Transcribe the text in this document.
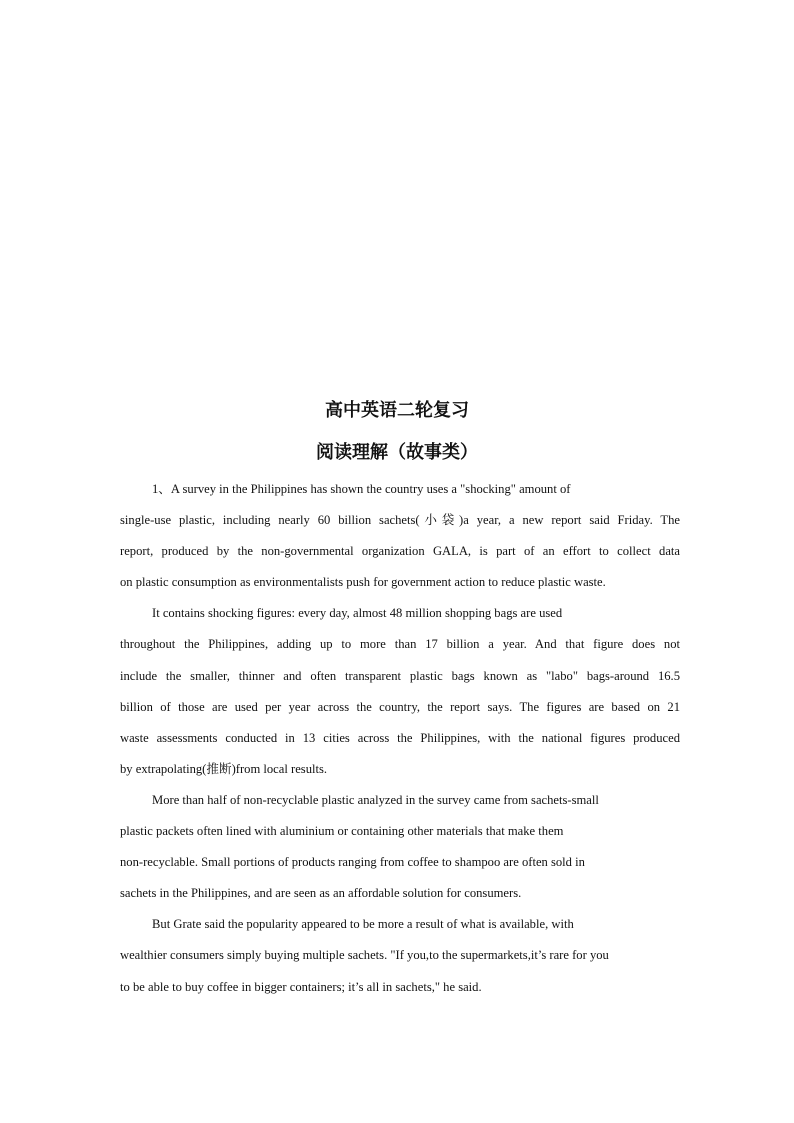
高中英语二轮复习
阅读理解（故事类）

1、A survey in the Philippines has shown the country uses a "shocking" amount of
single-use plastic, including nearly 60 billion sachets(小袋)a year, a new report said Friday. The
report, produced by the non-governmental organization GALA, is part of an effort to collect data
on plastic consumption as environmentalists push for government action to reduce plastic waste.

It contains shocking figures: every day, almost 48 million shopping bags are used
throughout the Philippines, adding up to more than 17 billion a year. And that figure does not
include the smaller, thinner and often transparent plastic bags known as "labo" bags-around 16.5
billion of those are used per year across the country, the report says. The figures are based on 21
waste assessments conducted in 13 cities across the Philippines, with the national figures produced
by extrapolating(推断)from local results.

More than half of non-recyclable plastic analyzed in the survey came from sachets-small
plastic packets often lined with aluminium or containing other materials that make them
non-recyclable. Small portions of products ranging from coffee to shampoo are often sold in
sachets in the Philippines, and are seen as an affordable solution for consumers.

But Grate said the popularity appeared to be more a result of what is available, with
wealthier consumers simply buying multiple sachets. "If you,to the supermarkets,it’s rare for you
to be able to buy coffee in bigger containers; it’s all in sachets," he said.
